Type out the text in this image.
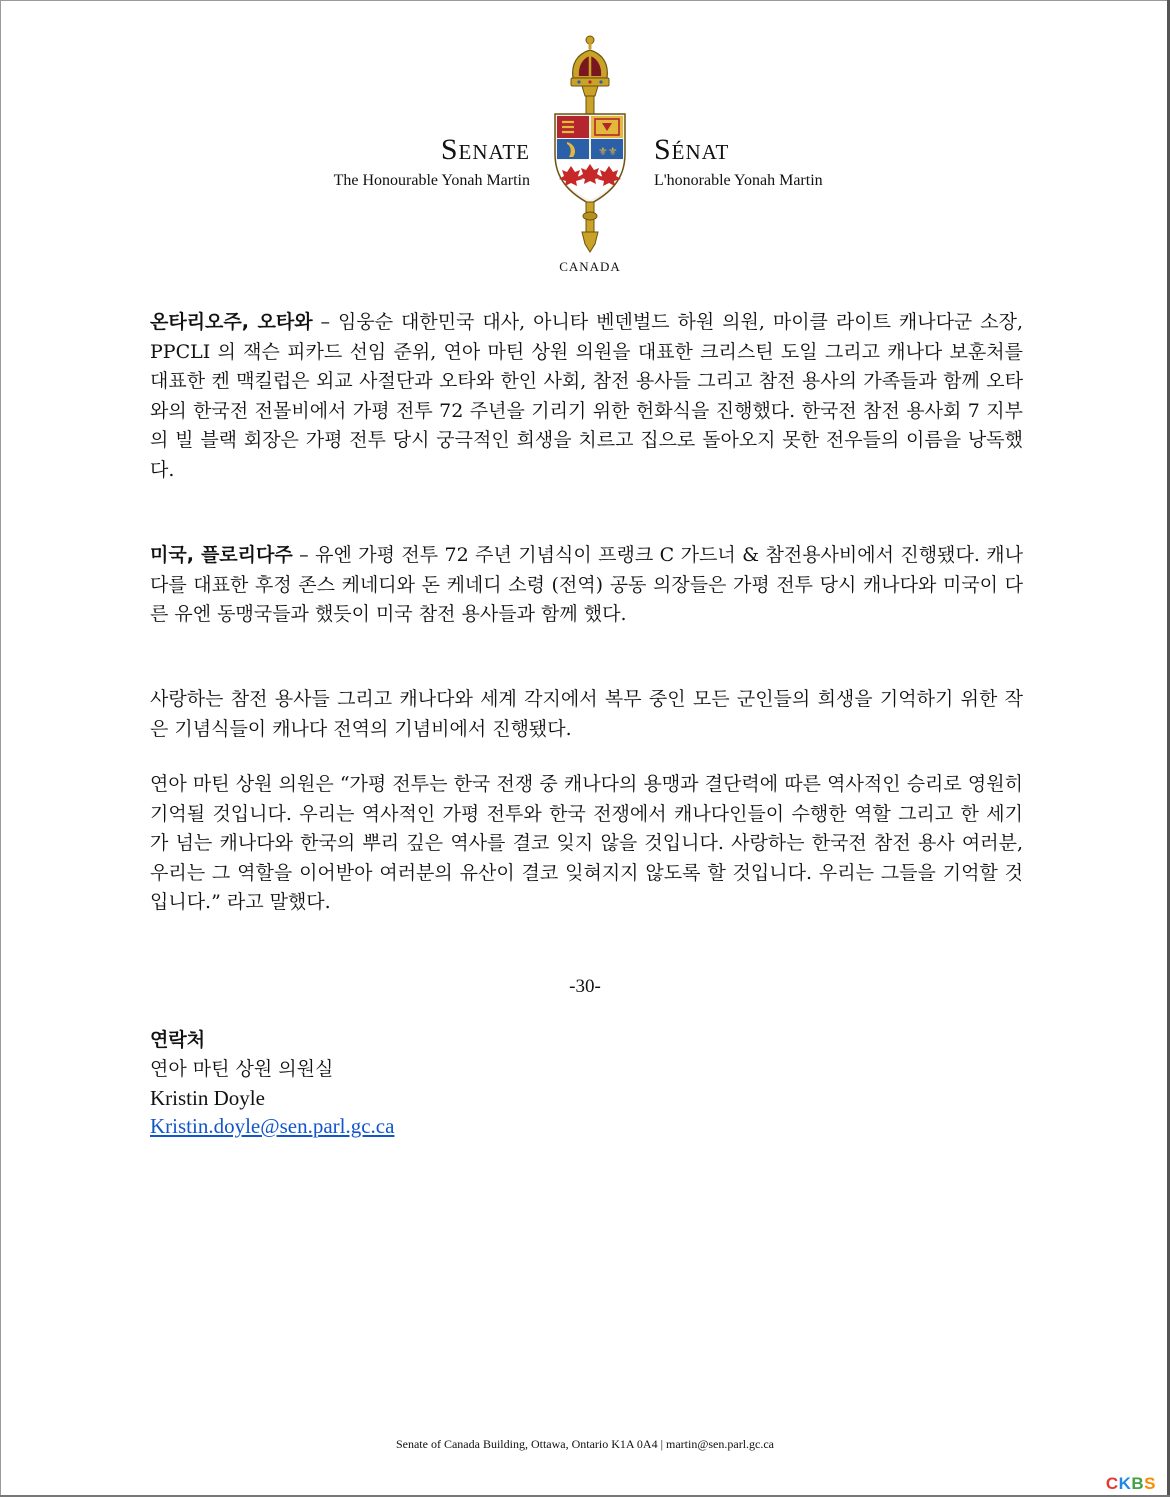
Senate
The Honourable Yonah Martin
Sénat
L'honorable Yonah Martin
⚜⚜
CANADA

온타리오주, 오타와 – 임웅순 대한민국 대사, 아니타 벤덴벌드 하원 의원, 마이클 라이트 캐나다군 소장, PPCLI 의 잭슨 피카드 선임 준위, 연아 마틴 상원 의원을 대표한 크리스틴 도일 그리고 캐나다 보훈처를 대표한 켄 맥킬럽은 외교 사절단과 오타와 한인 사회, 참전 용사들 그리고 참전 용사의 가족들과 함께 오타와의 한국전 전몰비에서 가평 전투 72 주년을 기리기 위한 헌화식을 진행했다. 한국전 참전 용사회 7 지부의 빌 블랙 회장은 가평 전투 당시 궁극적인 희생을 치르고 집으로 돌아오지 못한 전우들의 이름을 낭독했다.

미국, 플로리다주 – 유엔 가평 전투 72 주년 기념식이 프랭크 C 가드너 & 참전용사비에서 진행됐다. 캐나다를 대표한 후정 존스 케네디와 돈 케네디 소령 (전역) 공동 의장들은 가평 전투 당시 캐나다와 미국이 다른 유엔 동맹국들과 했듯이 미국 참전 용사들과 함께 했다.

사랑하는 참전 용사들 그리고 캐나다와 세계 각지에서 복무 중인 모든 군인들의 희생을 기억하기 위한 작은 기념식들이 캐나다 전역의 기념비에서 진행됐다.

연아 마틴 상원 의원은 “가평 전투는 한국 전쟁 중 캐나다의 용맹과 결단력에 따른 역사적인 승리로 영원히 기억될 것입니다. 우리는 역사적인 가평 전투와 한국 전쟁에서 캐나다인들이 수행한 역할 그리고 한 세기가 넘는 캐나다와 한국의 뿌리 깊은 역사를 결코 잊지 않을 것입니다. 사랑하는 한국전 참전 용사 여러분, 우리는 그 역할을 이어받아 여러분의 유산이 결코 잊혀지지 않도록 할 것입니다. 우리는 그들을 기억할 것입니다.” 라고 말했다.

-30-
연락처
연아 마틴 상원 의원실
Kristin Doyle
Kristin.doyle@sen.parl.gc.ca
Senate of Canada Building, Ottawa, Ontario K1A 0A4 | martin@sen.parl.gc.ca
CKBS
